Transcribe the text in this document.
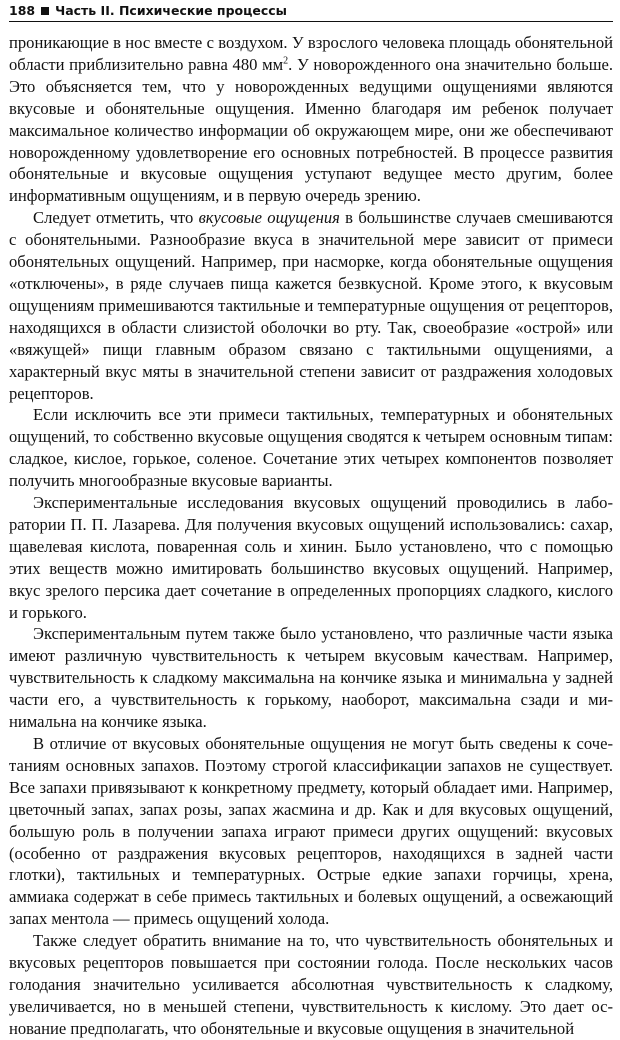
188 Часть II. Психические процессы

проникающие в нос вместе с воздухом. У взрослого человека площадь обонятельной области приблизительно равна 480 $мм^2$. У новорожденного она значительно больше. Это объясняется тем, что у новорожденных ведущими ощущениями являются вкусовые и обонятельные ощущения. Именно благодаря им ребенок получает максимальное количество информации об окружающем мире, они же обеспечивают новорожденному удовлетворение его основных потребностей. В процессе развития обонятельные и вкусовые ощущения уступают ведущее место другим, более информативным ощущениям, и в первую очередь зрению.

Следует отметить, что вкусовые ощущения в большинстве случаев смешиваются с обонятельными. Разнообразие вкуса в значительной мере зависит от примеси обонятельных ощущений. Например, при насморке, когда обонятельные ощущения «отключены», в ряде случаев пища кажется безвкусной. Кроме этого, к вкусовым ощущениям примешиваются тактильные и температурные ощущения от рецепторов, находящихся в области слизистой оболочки во рту. Так, своеобразие «острой» или «вяжущей» пищи главным образом связано с тактильными ощущениями, а характерный вкус мяты в значительной степени зависит от раздражения холодовых рецепторов.

Если исключить все эти примеси тактильных, температурных и обонятельных ощущений, то собственно вкусовые ощущения сводятся к четырем основным типам: сладкое, кислое, горькое, соленое. Сочетание этих четырех компонентов позволяет получить многообразные вкусовые варианты.

Экспериментальные исследования вкусовых ощущений проводились в лаборатории П. П. Лазарева. Для получения вкусовых ощущений использовались: сахар, щавелевая кислота, поваренная соль и хинин. Было установлено, что с помощью этих веществ можно имитировать большинство вкусовых ощущений. Например, вкус зрелого персика дает сочетание в определенных пропорциях сладкого, кислого и горького.

Экспериментальным путем также было установлено, что различные части языка имеют различную чувствительность к четырем вкусовым качествам. Например, чувствительность к сладкому максимальна на кончике языка и минимальна у задней части его, а чувствительность к горькому, наоборот, максимальна сзади и минимальна на кончике языка.

В отличие от вкусовых обонятельные ощущения не могут быть сведены к сочетаниям основных запахов. Поэтому строгой классификации запахов не существует. Все запахи привязывают к конкретному предмету, который обладает ими. Например, цветочный запах, запах розы, запах жасмина и др. Как и для вкусовых ощущений, большую роль в получении запаха играют примеси других ощущений: вкусовых (особенно от раздражения вкусовых рецепторов, находящихся в задней части глотки), тактильных и температурных. Острые едкие запахи горчицы, хрена, аммиака содержат в себе примесь тактильных и болевых ощущений, а освежающий запах ментола — примесь ощущений холода.

Также следует обратить внимание на то, что чувствительность обонятельных и вкусовых рецепторов повышается при состоянии голода. После нескольких часов голодания значительно усиливается абсолютная чувствительность к сладкому, увеличивается, но в меньшей степени, чувствительность к кислому. Это дает основание предполагать, что обонятельные и вкусовые ощущения в значительной
